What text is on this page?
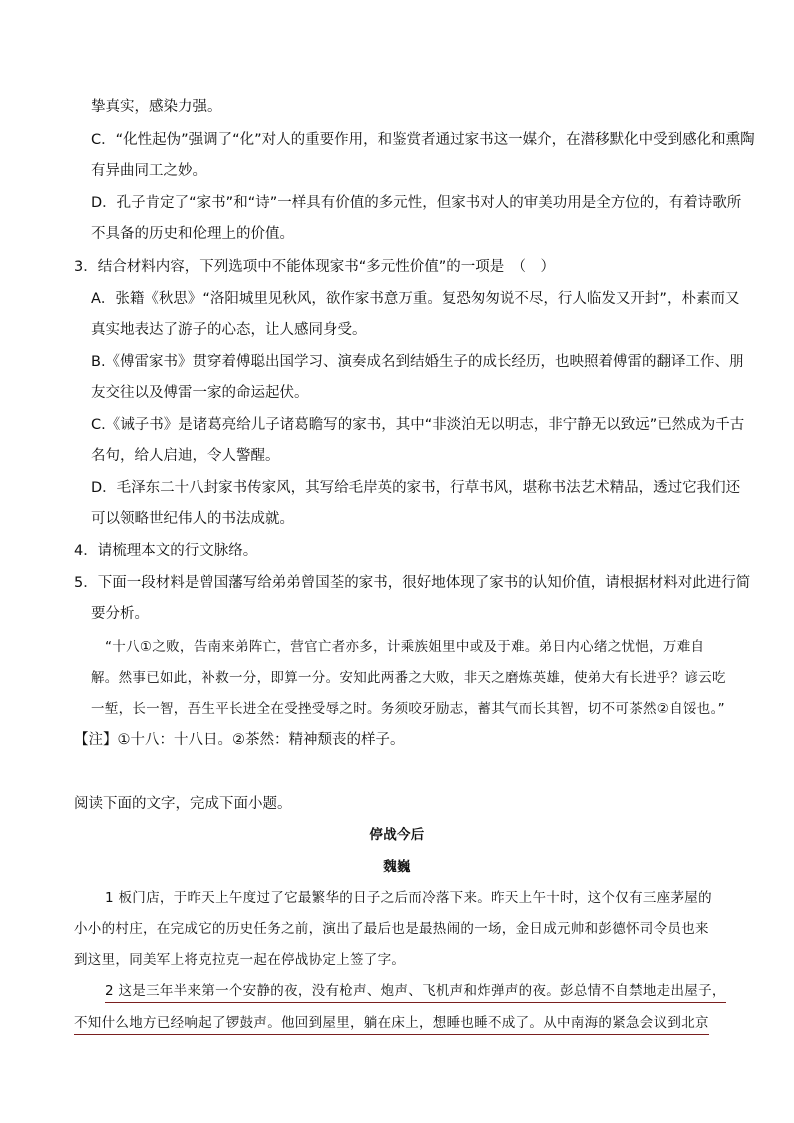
挚真实，感染力强。
C．“化性起伪”强调了“化”对人的重要作用，和鉴赏者通过家书这一媒介，在潜移默化中受到感化和熏陶
有异曲同工之妙。
D．孔子肯定了“家书”和“诗”一样具有价值的多元性，但家书对人的审美功用是全方位的，有着诗歌所
不具备的历史和伦理上的价值。
3．结合材料内容，下列选项中不能体现家书“多元性价值”的一项是　（　）
A．张籍《秋思》“洛阳城里见秋风，欲作家书意万重。复恐匆匆说不尽，行人临发又开封”，朴素而又
真实地表达了游子的心态，让人感同身受。
B.《傅雷家书》贯穿着傅聪出国学习、演奏成名到结婚生子的成长经历，也映照着傅雷的翻译工作、朋
友交往以及傅雷一家的命运起伏。
C.《诫子书》是诸葛亮给儿子诸葛瞻写的家书，其中“非淡泊无以明志，非宁静无以致远”已然成为千古
名句，给人启迪，令人警醒。
D．毛泽东二十八封家书传家风，其写给毛岸英的家书，行草书风，堪称书法艺术精品，透过它我们还
可以领略世纪伟人的书法成就。
4．请梳理本文的行文脉络。
5．下面一段材料是曾国藩写给弟弟曾国荃的家书，很好地体现了家书的认知价值，请根据材料对此进行简
要分析。
“十八①之败，告南来弟阵亡，营官亡者亦多，计乘族姐里中或及于难。弟日内心绪之忧悒，万难自
解。然事已如此，补救一分，即算一分。安知此两番之大败，非天之磨炼英雄，使弟大有长进乎？谚云吃
一堑，长一智，吾生平长进全在受挫受辱之时。务须咬牙励志，蓄其气而长其智，切不可茶然②自馁也。”
【注】①十八：十八日。②茶然：精神颓丧的样子。
阅读下面的文字，完成下面小题。
停战今后
魏巍
1 板门店，于昨天上午度过了它最繁华的日子之后而冷落下来。昨天上午十时，这个仅有三座茅屋的
小小的村庄，在完成它的历史任务之前，演出了最后也是最热闹的一场，金日成元帅和彭德怀司令员也来
到这里，同美军上将克拉克一起在停战协定上签了字。
2 这是三年半来第一个安静的夜，没有枪声、炮声、飞机声和炸弹声的夜。彭总情不自禁地走出屋子，
不知什么地方已经响起了锣鼓声。他回到屋里，躺在床上，想睡也睡不成了。从中南海的紧急会议到北京
